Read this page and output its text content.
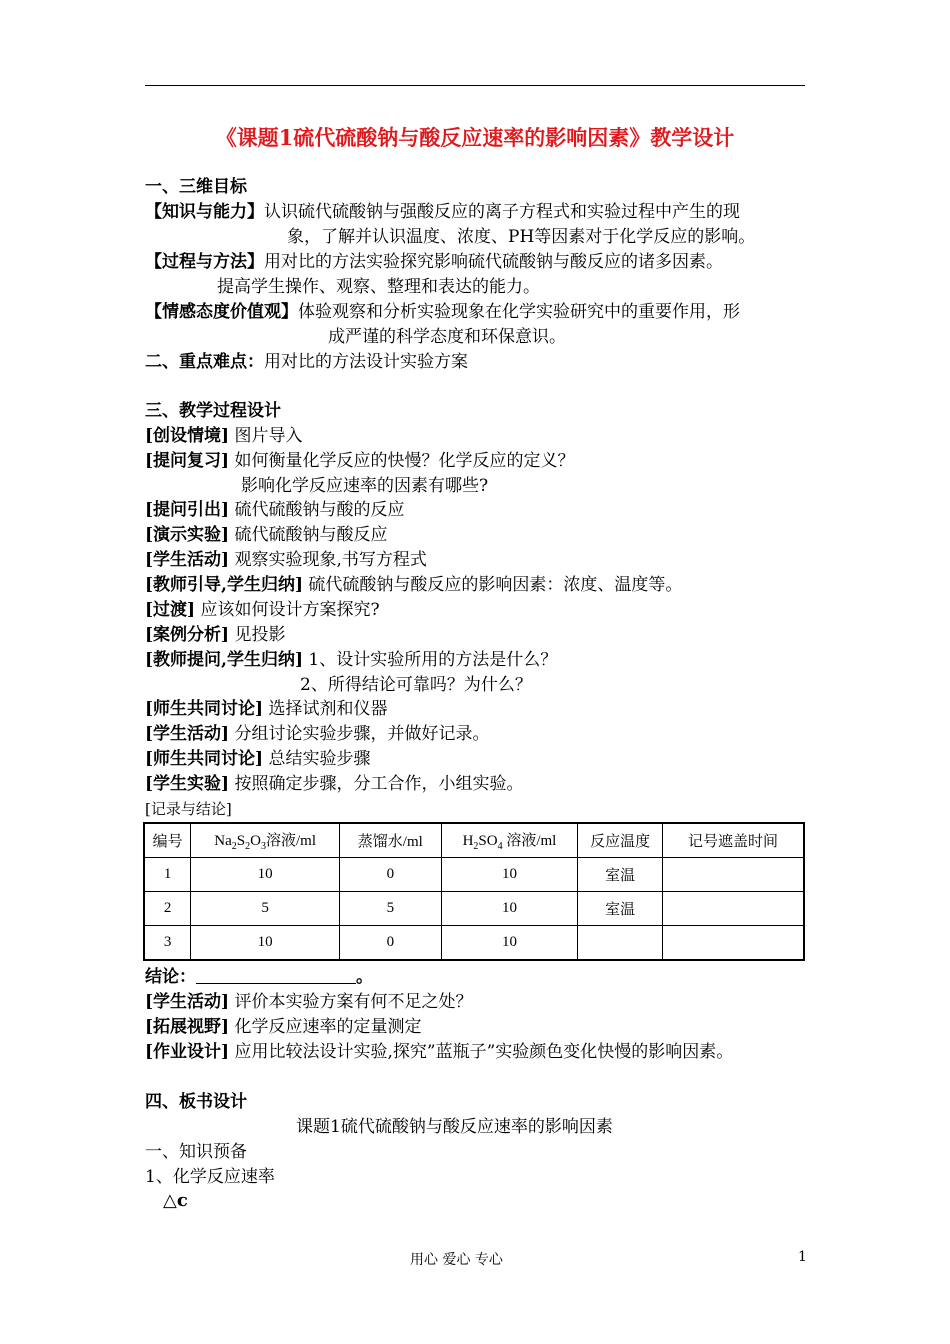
《课题1硫代硫酸钠与酸反应速率的影响因素》教学设计
一、三维目标
【知识与能力】认识硫代硫酸钠与强酸反应的离子方程式和实验过程中产生的现
象，了解并认识温度、浓度、PH等因素对于化学反应的影响。
【过程与方法】用对比的方法实验探究影响硫代硫酸钠与酸反应的诸多因素。
提高学生操作、观察、整理和表达的能力。
【情感态度价值观】体验观察和分析实验现象在化学实验研究中的重要作用，形
成严谨的科学态度和环保意识。
二、重点难点：用对比的方法设计实验方案
三、教学过程设计
[创设情境] 图片导入
[提问复习] 如何衡量化学反应的快慢？化学反应的定义？
影响化学反应速率的因素有哪些?
[提问引出] 硫代硫酸钠与酸的反应
[演示实验] 硫代硫酸钠与酸反应
[学生活动] 观察实验现象,书写方程式
[教师引导,学生归纳] 硫代硫酸钠与酸反应的影响因素：浓度、温度等。
[过渡] 应该如何设计方案探究?
[案例分析] 见投影
[教师提问,学生归纳] 1、设计实验所用的方法是什么？
2、所得结论可靠吗？为什么？
[师生共同讨论] 选择试剂和仪器
[学生活动] 分组讨论实验步骤，并做好记录。
[师生共同讨论] 总结实验步骤
[学生实验] 按照确定步骤，分工合作，小组实验。
[记录与结论]
编号	$Na_2S_2O_3$溶液/ml	蒸馏水/ml	$H_2SO_4$ 溶液/ml	反应温度	记号遮盖时间
1	10	0	10	室温	
2	5	5	10	室温	
3	10	0	10		
结论：	。
[学生活动] 评价本实验方案有何不足之处？
[拓展视野] 化学反应速率的定量测定
[作业设计] 应用比较法设计实验,探究”蓝瓶子”实验颜色变化快慢的影响因素。
四、板书设计
课题1硫代硫酸钠与酸反应速率的影响因素
一、知识预备
1、化学反应速率
△c
用心 爱心 专心	1
